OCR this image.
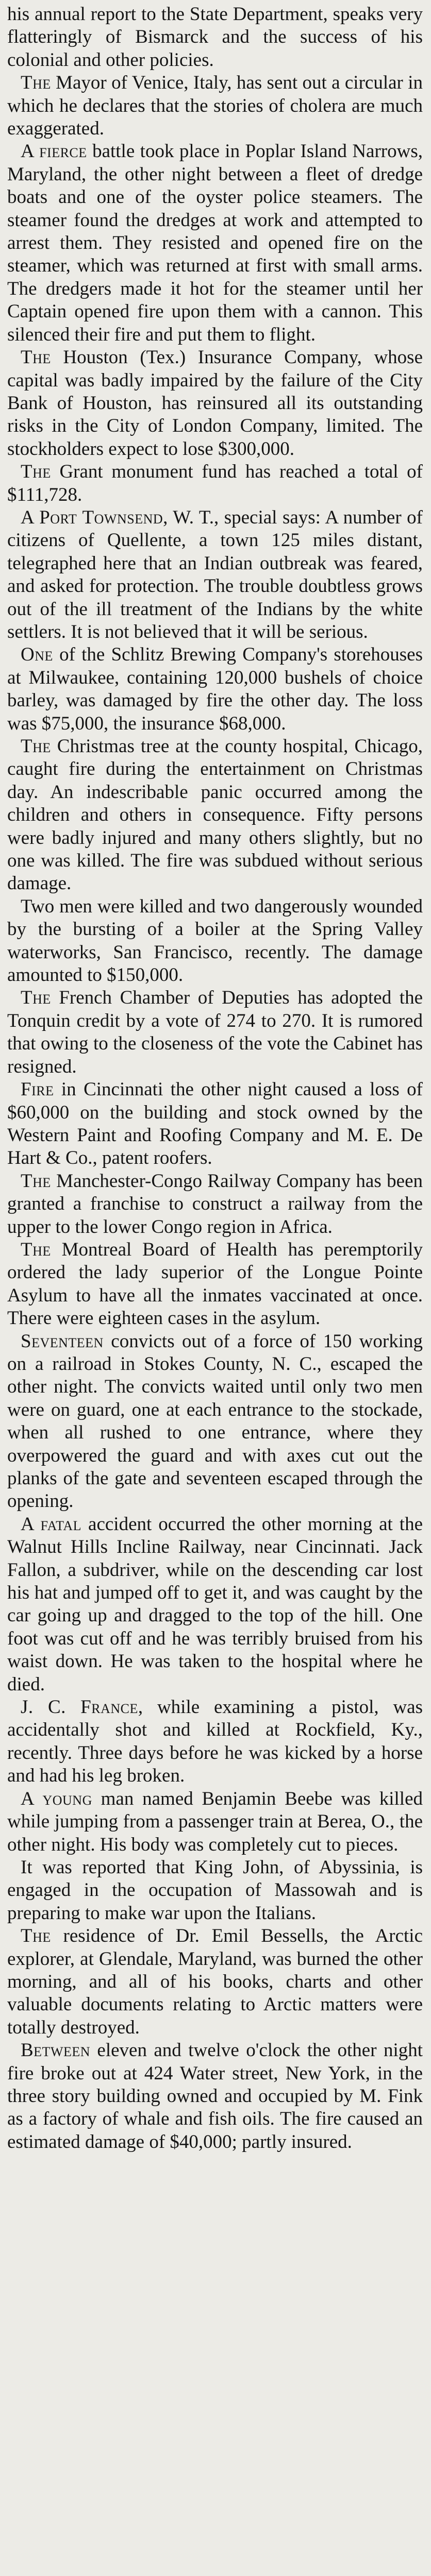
his annual report to the State Department, speaks very flatteringly of Bismarck and the success of his colonial and other policies.

The Mayor of Venice, Italy, has sent out a circular in which he declares that the stories of cholera are much exaggerated.

A fierce battle took place in Poplar Island Narrows, Maryland, the other night between a fleet of dredge boats and one of the oyster police steamers. The steamer found the dredges at work and attempted to arrest them. They resisted and opened fire on the steamer, which was returned at first with small arms. The dredgers made it hot for the steamer until her Captain opened fire upon them with a cannon. This silenced their fire and put them to flight.

The Houston (Tex.) Insurance Company, whose capital was badly impaired by the failure of the City Bank of Houston, has reinsured all its outstanding risks in the City of London Company, limited. The stockholders expect to lose $300,000.

The Grant monument fund has reached a total of $111,728.

A Port Townsend, W. T., special says: A number of citizens of Quellente, a town 125 miles distant, telegraphed here that an Indian outbreak was feared, and asked for protection. The trouble doubtless grows out of the ill treatment of the Indians by the white settlers. It is not believed that it will be serious.

One of the Schlitz Brewing Company's storehouses at Milwaukee, containing 120,000 bushels of choice barley, was damaged by fire the other day. The loss was $75,000, the insurance $68,000.

The Christmas tree at the county hospital, Chicago, caught fire during the entertainment on Christmas day. An indescribable panic occurred among the children and others in consequence. Fifty persons were badly injured and many others slightly, but no one was killed. The fire was subdued without serious damage.

Two men were killed and two dangerously wounded by the bursting of a boiler at the Spring Valley waterworks, San Francisco, recently. The damage amounted to $150,000.

The French Chamber of Deputies has adopted the Tonquin credit by a vote of 274 to 270. It is rumored that owing to the closeness of the vote the Cabinet has resigned.

Fire in Cincinnati the other night caused a loss of $60,000 on the building and stock owned by the Western Paint and Roofing Company and M. E. De Hart & Co., patent roofers.

The Manchester-Congo Railway Company has been granted a franchise to construct a railway from the upper to the lower Congo region in Africa.

The Montreal Board of Health has peremptorily ordered the lady superior of the Longue Pointe Asylum to have all the inmates vaccinated at once. There were eighteen cases in the asylum.

Seventeen convicts out of a force of 150 working on a railroad in Stokes County, N. C., escaped the other night. The convicts waited until only two men were on guard, one at each entrance to the stockade, when all rushed to one entrance, where they overpowered the guard and with axes cut out the planks of the gate and seventeen escaped through the opening.

A fatal accident occurred the other morning at the Walnut Hills Incline Railway, near Cincinnati. Jack Fallon, a subdriver, while on the descending car lost his hat and jumped off to get it, and was caught by the car going up and dragged to the top of the hill. One foot was cut off and he was terribly bruised from his waist down. He was taken to the hospital where he died.

J. C. France, while examining a pistol, was accidentally shot and killed at Rockfield, Ky., recently. Three days before he was kicked by a horse and had his leg broken.

A young man named Benjamin Beebe was killed while jumping from a passenger train at Berea, O., the other night. His body was completely cut to pieces.

It was reported that King John, of Abyssinia, is engaged in the occupation of Massowah and is preparing to make war upon the Italians.

The residence of Dr. Emil Bessells, the Arctic explorer, at Glendale, Maryland, was burned the other morning, and all of his books, charts and other valuable documents relating to Arctic matters were totally destroyed.

Between eleven and twelve o'clock the other night fire broke out at 424 Water street, New York, in the three story building owned and occupied by M. Fink as a factory of whale and fish oils. The fire caused an estimated damage of $40,000; partly insured.
